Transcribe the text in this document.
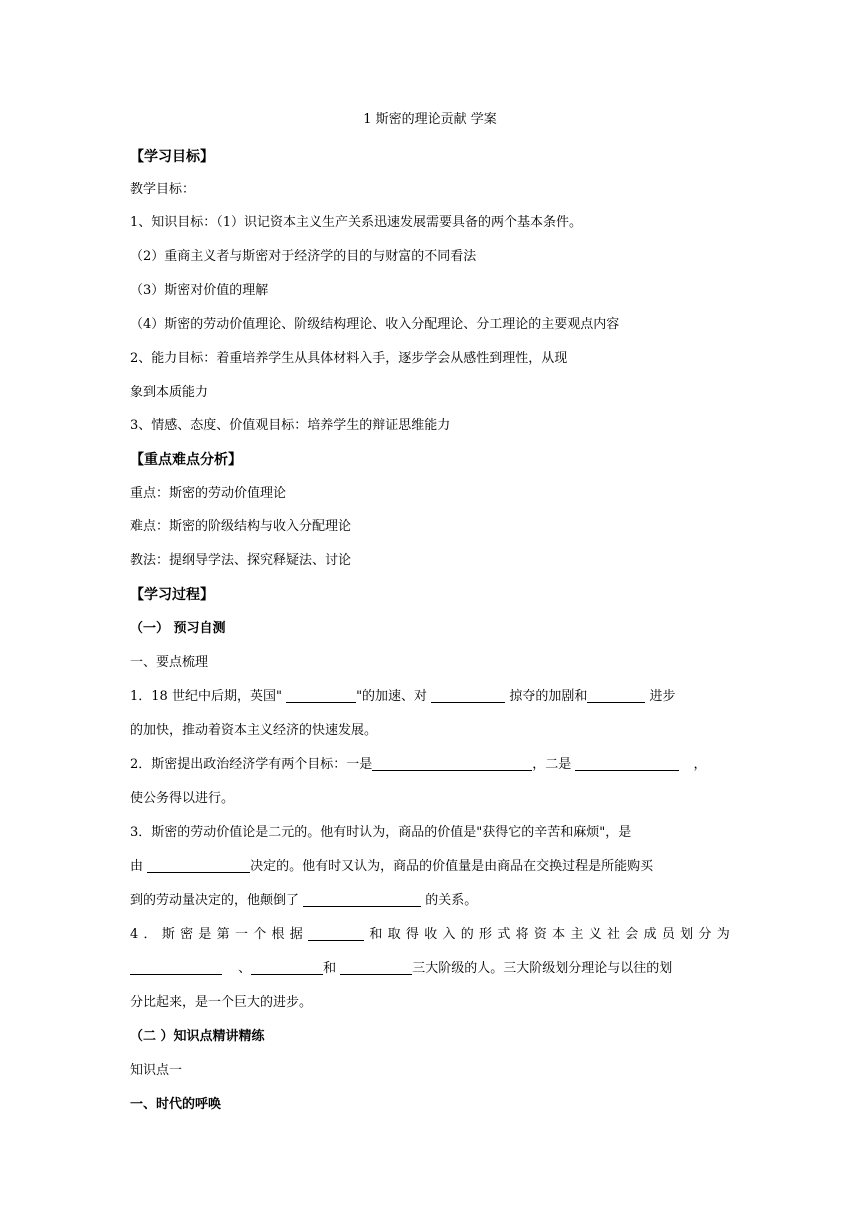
1 斯密的理论贡献 学案
【学习目标】
教学目标：
1、知识目标：（1）识记资本主义生产关系迅速发展需要具备的两个基本条件。
（2）重商主义者与斯密对于经济学的目的与财富的不同看法
（3）斯密对价值的理解
（4）斯密的劳动价值理论、阶级结构理论、收入分配理论、分工理论的主要观点内容
2、能力目标：着重培养学生从具体材料入手，逐步学会从感性到理性，从现
象到本质能力
3、情感、态度、价值观目标：培养学生的辩证思维能力
【重点难点分析】
重点：斯密的劳动价值理论
难点：斯密的阶级结构与收入分配理论
教法：提纲导学法、探究释疑法、讨论
【学习过程】
（一） 预习自测
一、要点梳理
1．18 世纪中后期，英国"	"的加速、对	掠夺的加剧和	进步
的加快，推动着资本主义经济的快速发展。
2．斯密提出政治经济学有两个目标：一是	，二是	，
使公务得以进行。
3．斯密的劳动价值论是二元的。他有时认为，商品的价值是"获得它的辛苦和麻烦"，是
由	决定的。他有时又认为，商品的价值量是由商品在交换过程是所能购买
到的劳动量决定的，他颠倒了	的关系。
4 ． 斯 密 是 第 一 个 根 据	和 取 得 收 入 的 形 式 将 资 本 主 义 社 会 成 员 划 分 为
、	和	三大阶级的人。三大阶级划分理论与以往的划
分比起来，是一个巨大的进步。
（二 ）知识点精讲精练
知识点一
一、时代的呼唤
